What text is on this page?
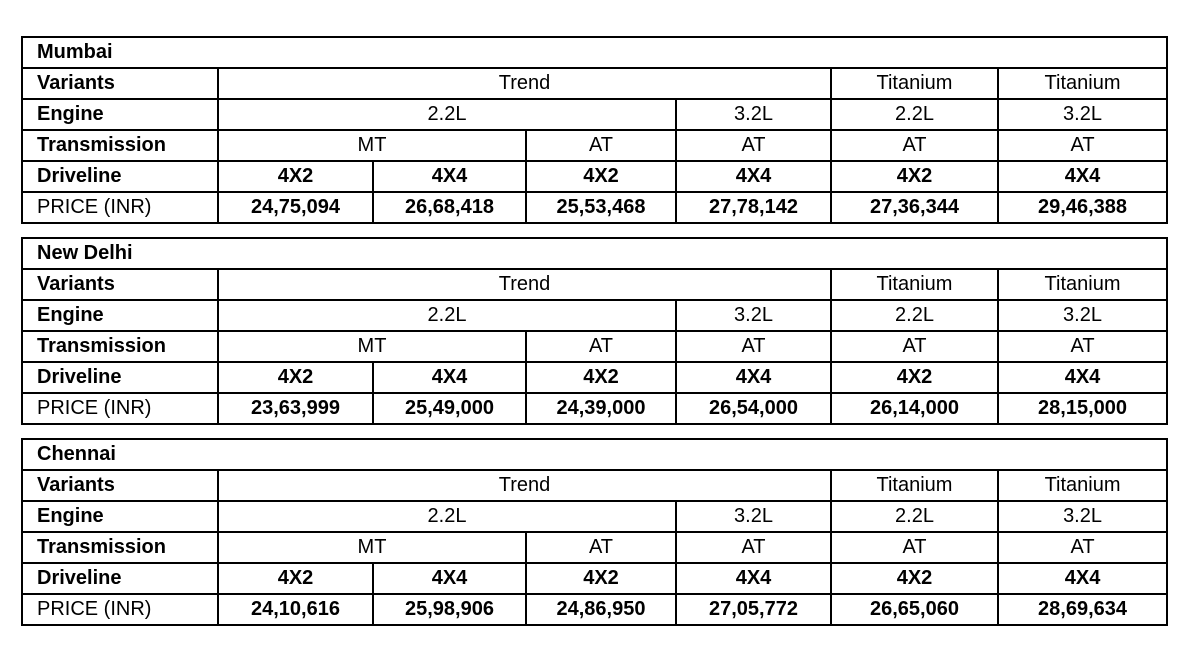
Mumbai						
Variants	Trend				Titanium	Titanium
Engine	2.2L			3.2L	2.2L	3.2L
Transmission	MT		AT	AT	AT	AT
Driveline	4X2	4X4	4X2	4X4	4X2	4X4
PRICE (INR)	24,75,094	26,68,418	25,53,468	27,78,142	27,36,344	29,46,388
New Delhi						
Variants	Trend				Titanium	Titanium
Engine	2.2L			3.2L	2.2L	3.2L
Transmission	MT		AT	AT	AT	AT
Driveline	4X2	4X4	4X2	4X4	4X2	4X4
PRICE (INR)	23,63,999	25,49,000	24,39,000	26,54,000	26,14,000	28,15,000
Chennai						
Variants	Trend				Titanium	Titanium
Engine	2.2L			3.2L	2.2L	3.2L
Transmission	MT		AT	AT	AT	AT
Driveline	4X2	4X4	4X2	4X4	4X2	4X4
PRICE (INR)	24,10,616	25,98,906	24,86,950	27,05,772	26,65,060	28,69,634
